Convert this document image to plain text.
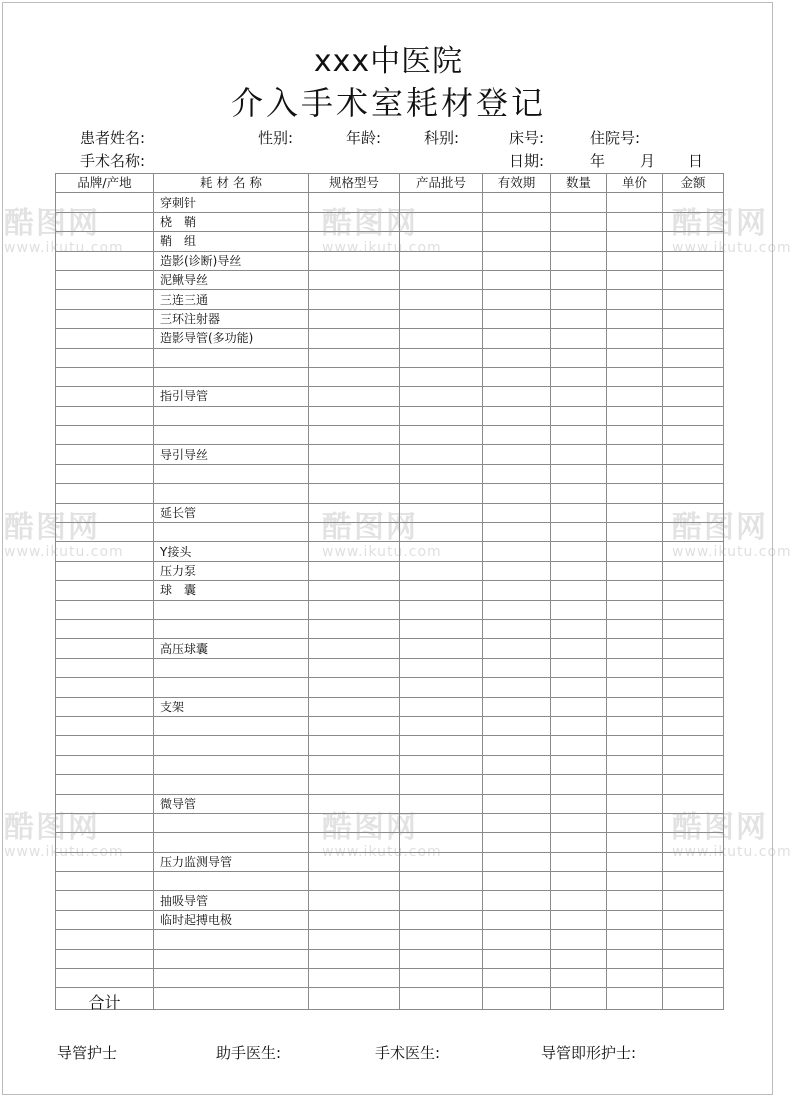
xxx中医院
介入手术室耗材登记
患者姓名:	性别:	年龄:	科别:	床号:	住院号:
手术名称:	日期:	年 月 日
品牌/产地	耗 材 名 称	规格型号	产品批号	有效期	数量	单价	金额
	穿刺针						
	桡　鞘						
	鞘　组						
	造影(诊断)导丝						
	泥鳅导丝						
	三连三通						
	三环注射器						
	造影导管(多功能)						

	指引导管						

	导引导丝						

	延长管						

	Y接头						
	压力泵						
	球　囊						

	高压球囊						

	支架						

	微导管						

	压力监测导管						

	抽吸导管						
	临时起搏电极						

合计							
导管护士	助手医生:	手术医生:	导管即形护士:
酷图网
www.ikutu.com
酷图网
www.ikutu.com
酷图网
www.ikutu.com
酷图网
www.ikutu.com
酷图网
www.ikutu.com
酷图网
www.ikutu.com
酷图网
www.ikutu.com
酷图网
www.ikutu.com
酷图网
www.ikutu.com
